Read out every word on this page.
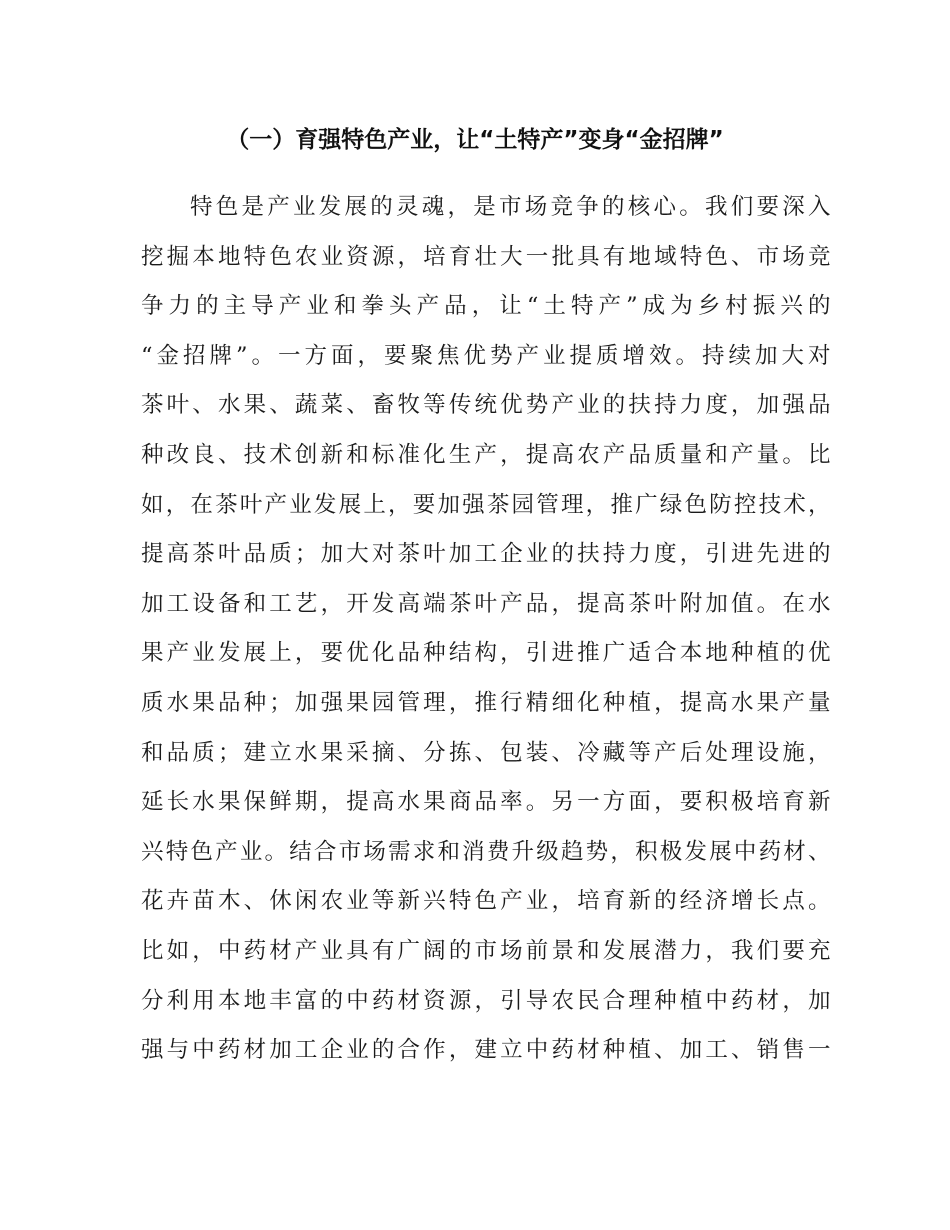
（一）育强特色产业，让“土特产”变身“金招牌”
特色是产业发展的灵魂，是市场竞争的核心。我们要深入
挖掘本地特色农业资源，培育壮大一批具有地域特色、市场竞
争力的主导产业和拳头产品，让“土特产”成为乡村振兴的
“金招牌”。一方面，要聚焦优势产业提质增效。持续加大对
茶叶、水果、蔬菜、畜牧等传统优势产业的扶持力度，加强品
种改良、技术创新和标准化生产，提高农产品质量和产量。比
如，在茶叶产业发展上，要加强茶园管理，推广绿色防控技术，
提高茶叶品质；加大对茶叶加工企业的扶持力度，引进先进的
加工设备和工艺，开发高端茶叶产品，提高茶叶附加值。在水
果产业发展上，要优化品种结构，引进推广适合本地种植的优
质水果品种；加强果园管理，推行精细化种植，提高水果产量
和品质；建立水果采摘、分拣、包装、冷藏等产后处理设施，
延长水果保鲜期，提高水果商品率。另一方面，要积极培育新
兴特色产业。结合市场需求和消费升级趋势，积极发展中药材、
花卉苗木、休闲农业等新兴特色产业，培育新的经济增长点。
比如，中药材产业具有广阔的市场前景和发展潜力，我们要充
分利用本地丰富的中药材资源，引导农民合理种植中药材，加
强与中药材加工企业的合作，建立中药材种植、加工、销售一
